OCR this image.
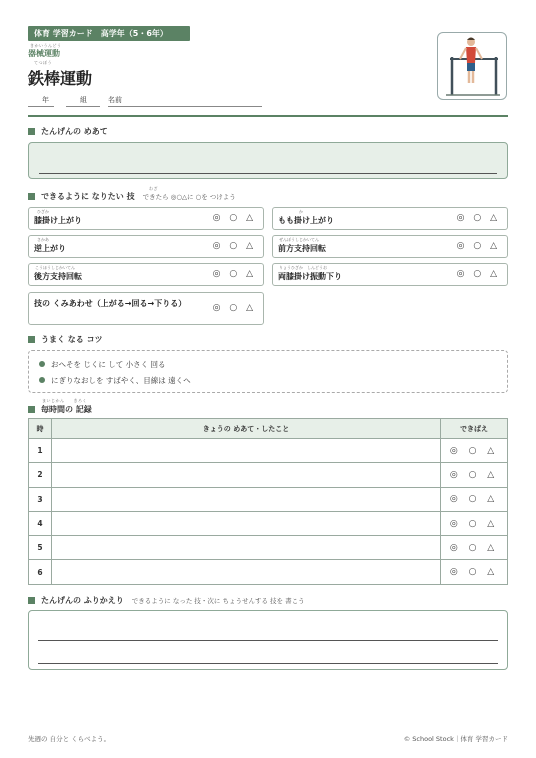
体育 学習カード　高学年（5・6年）
きかいうんどう
器械運動
てつぼう
鉄棒運動
年	組	名前
たんげんの めあて
わざ
できるように なりたい 技 できたら ◎○△に ○を つけよう
ひざか
膝掛け上がり	◎ ○ △
か
もも掛け上がり	◎ ○ △
さかあ
逆上がり	◎ ○ △
ぜんぽうしじかいてん
前方支持回転	◎ ○ △
こうほうしじかいてん
後方支持回転	◎ ○ △
りょうひざか　しんどうお
両膝掛け振動下り	◎ ○ △
技の くみあわせ（上がる→回る→下りる）	◎ ○ △
うまく なる コツ
おへそを じくに して 小さく 回る
にぎりなおしを すばやく、目線は 遠くへ
まいじかん　　きろく
毎時間の 記録
時	きょうの めあて・したこと	できばえ
1		◎ ○ △
2		◎ ○ △
3		◎ ○ △
4		◎ ○ △
5		◎ ○ △
6		◎ ○ △
たんげんの ふりかえり できるように なった 技・次に ちょうせんする 技を 書こう
先週の 自分と くらべよう。	© School Stock｜体育 学習カード
